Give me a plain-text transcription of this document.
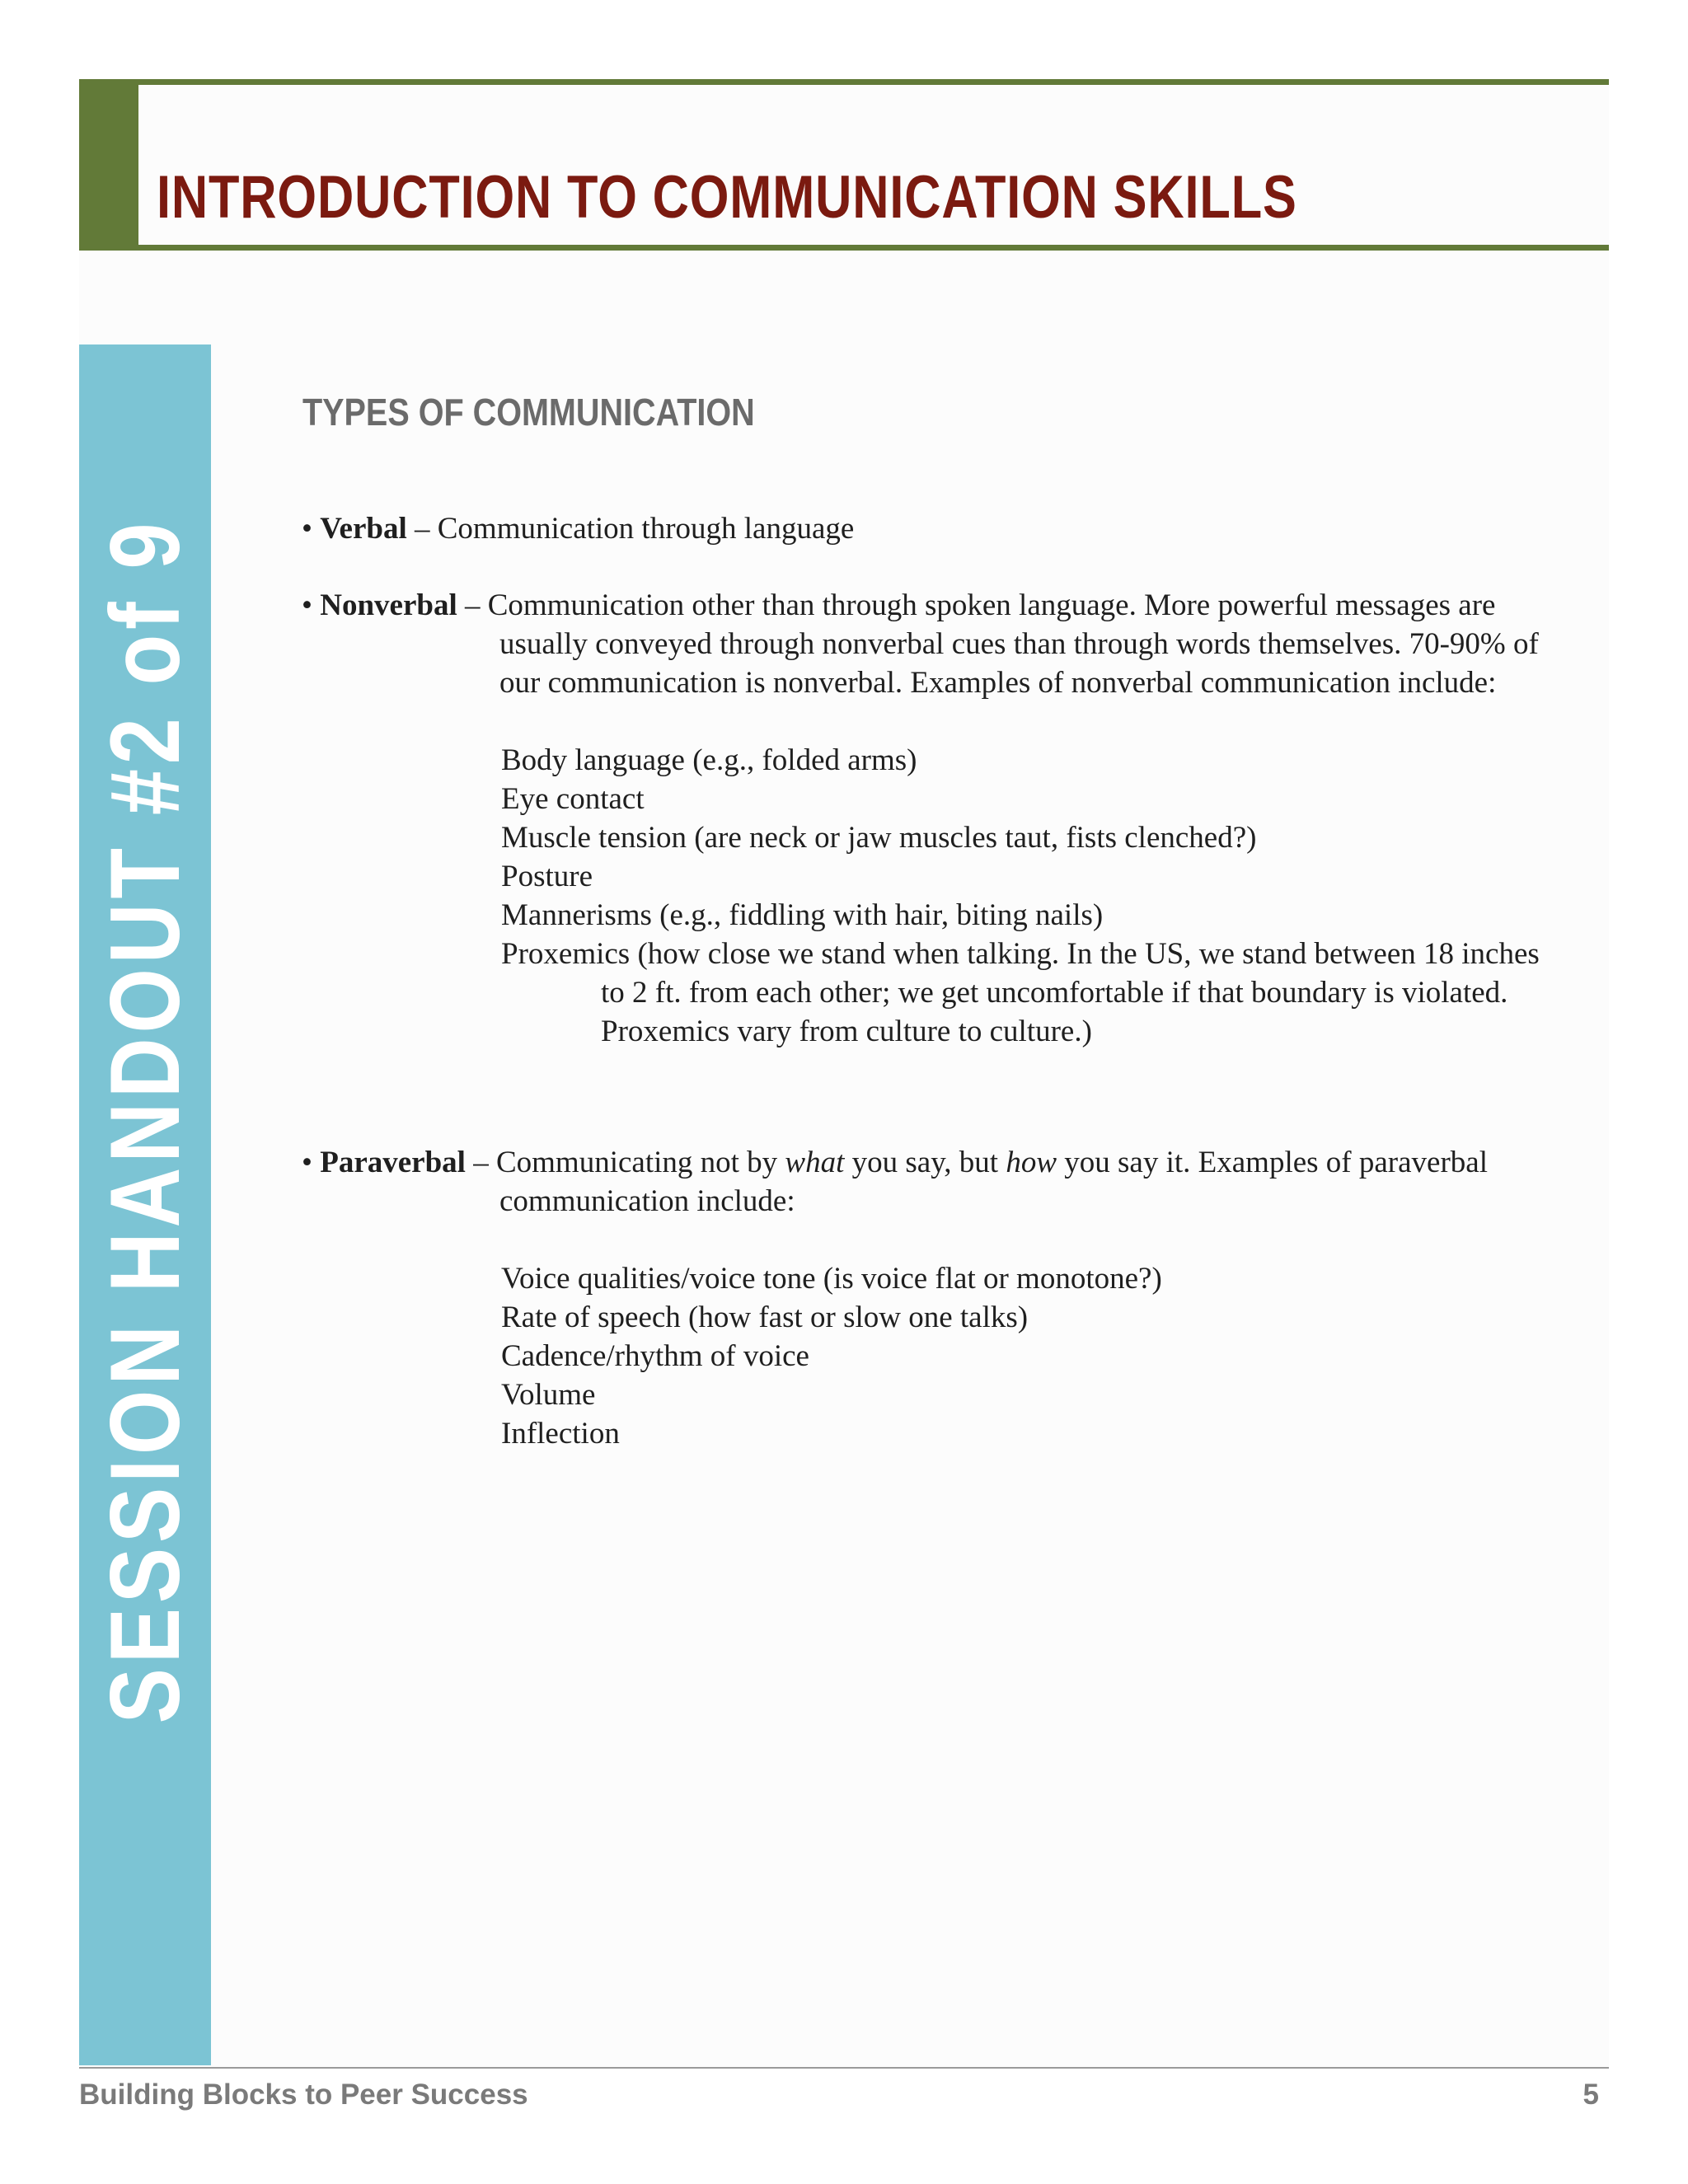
INTRODUCTION TO COMMUNICATION SKILLS
SESSION HANDOUT #2 of 9
TYPES OF COMMUNICATION
• Verbal – Communication through language
• Nonverbal – Communication other than through spoken language. More powerful messages are
usually conveyed through nonverbal cues than through words themselves. 70-90% of
our communication is nonverbal. Examples of nonverbal communication include:
Body language (e.g., folded arms)
Eye contact
Muscle tension (are neck or jaw muscles taut, fists clenched?)
Posture
Mannerisms (e.g., fiddling with hair, biting nails)
Proxemics (how close we stand when talking. In the US, we stand between 18 inches
to 2 ft. from each other; we get uncomfortable if that boundary is violated.
Proxemics vary from culture to culture.)
• Paraverbal – Communicating not by what you say, but how you say it. Examples of paraverbal
communication include:
Voice qualities/voice tone (is voice flat or monotone?)
Rate of speech (how fast or slow one talks)
Cadence/rhythm of voice
Volume
Inflection
Building Blocks to Peer Success	5
